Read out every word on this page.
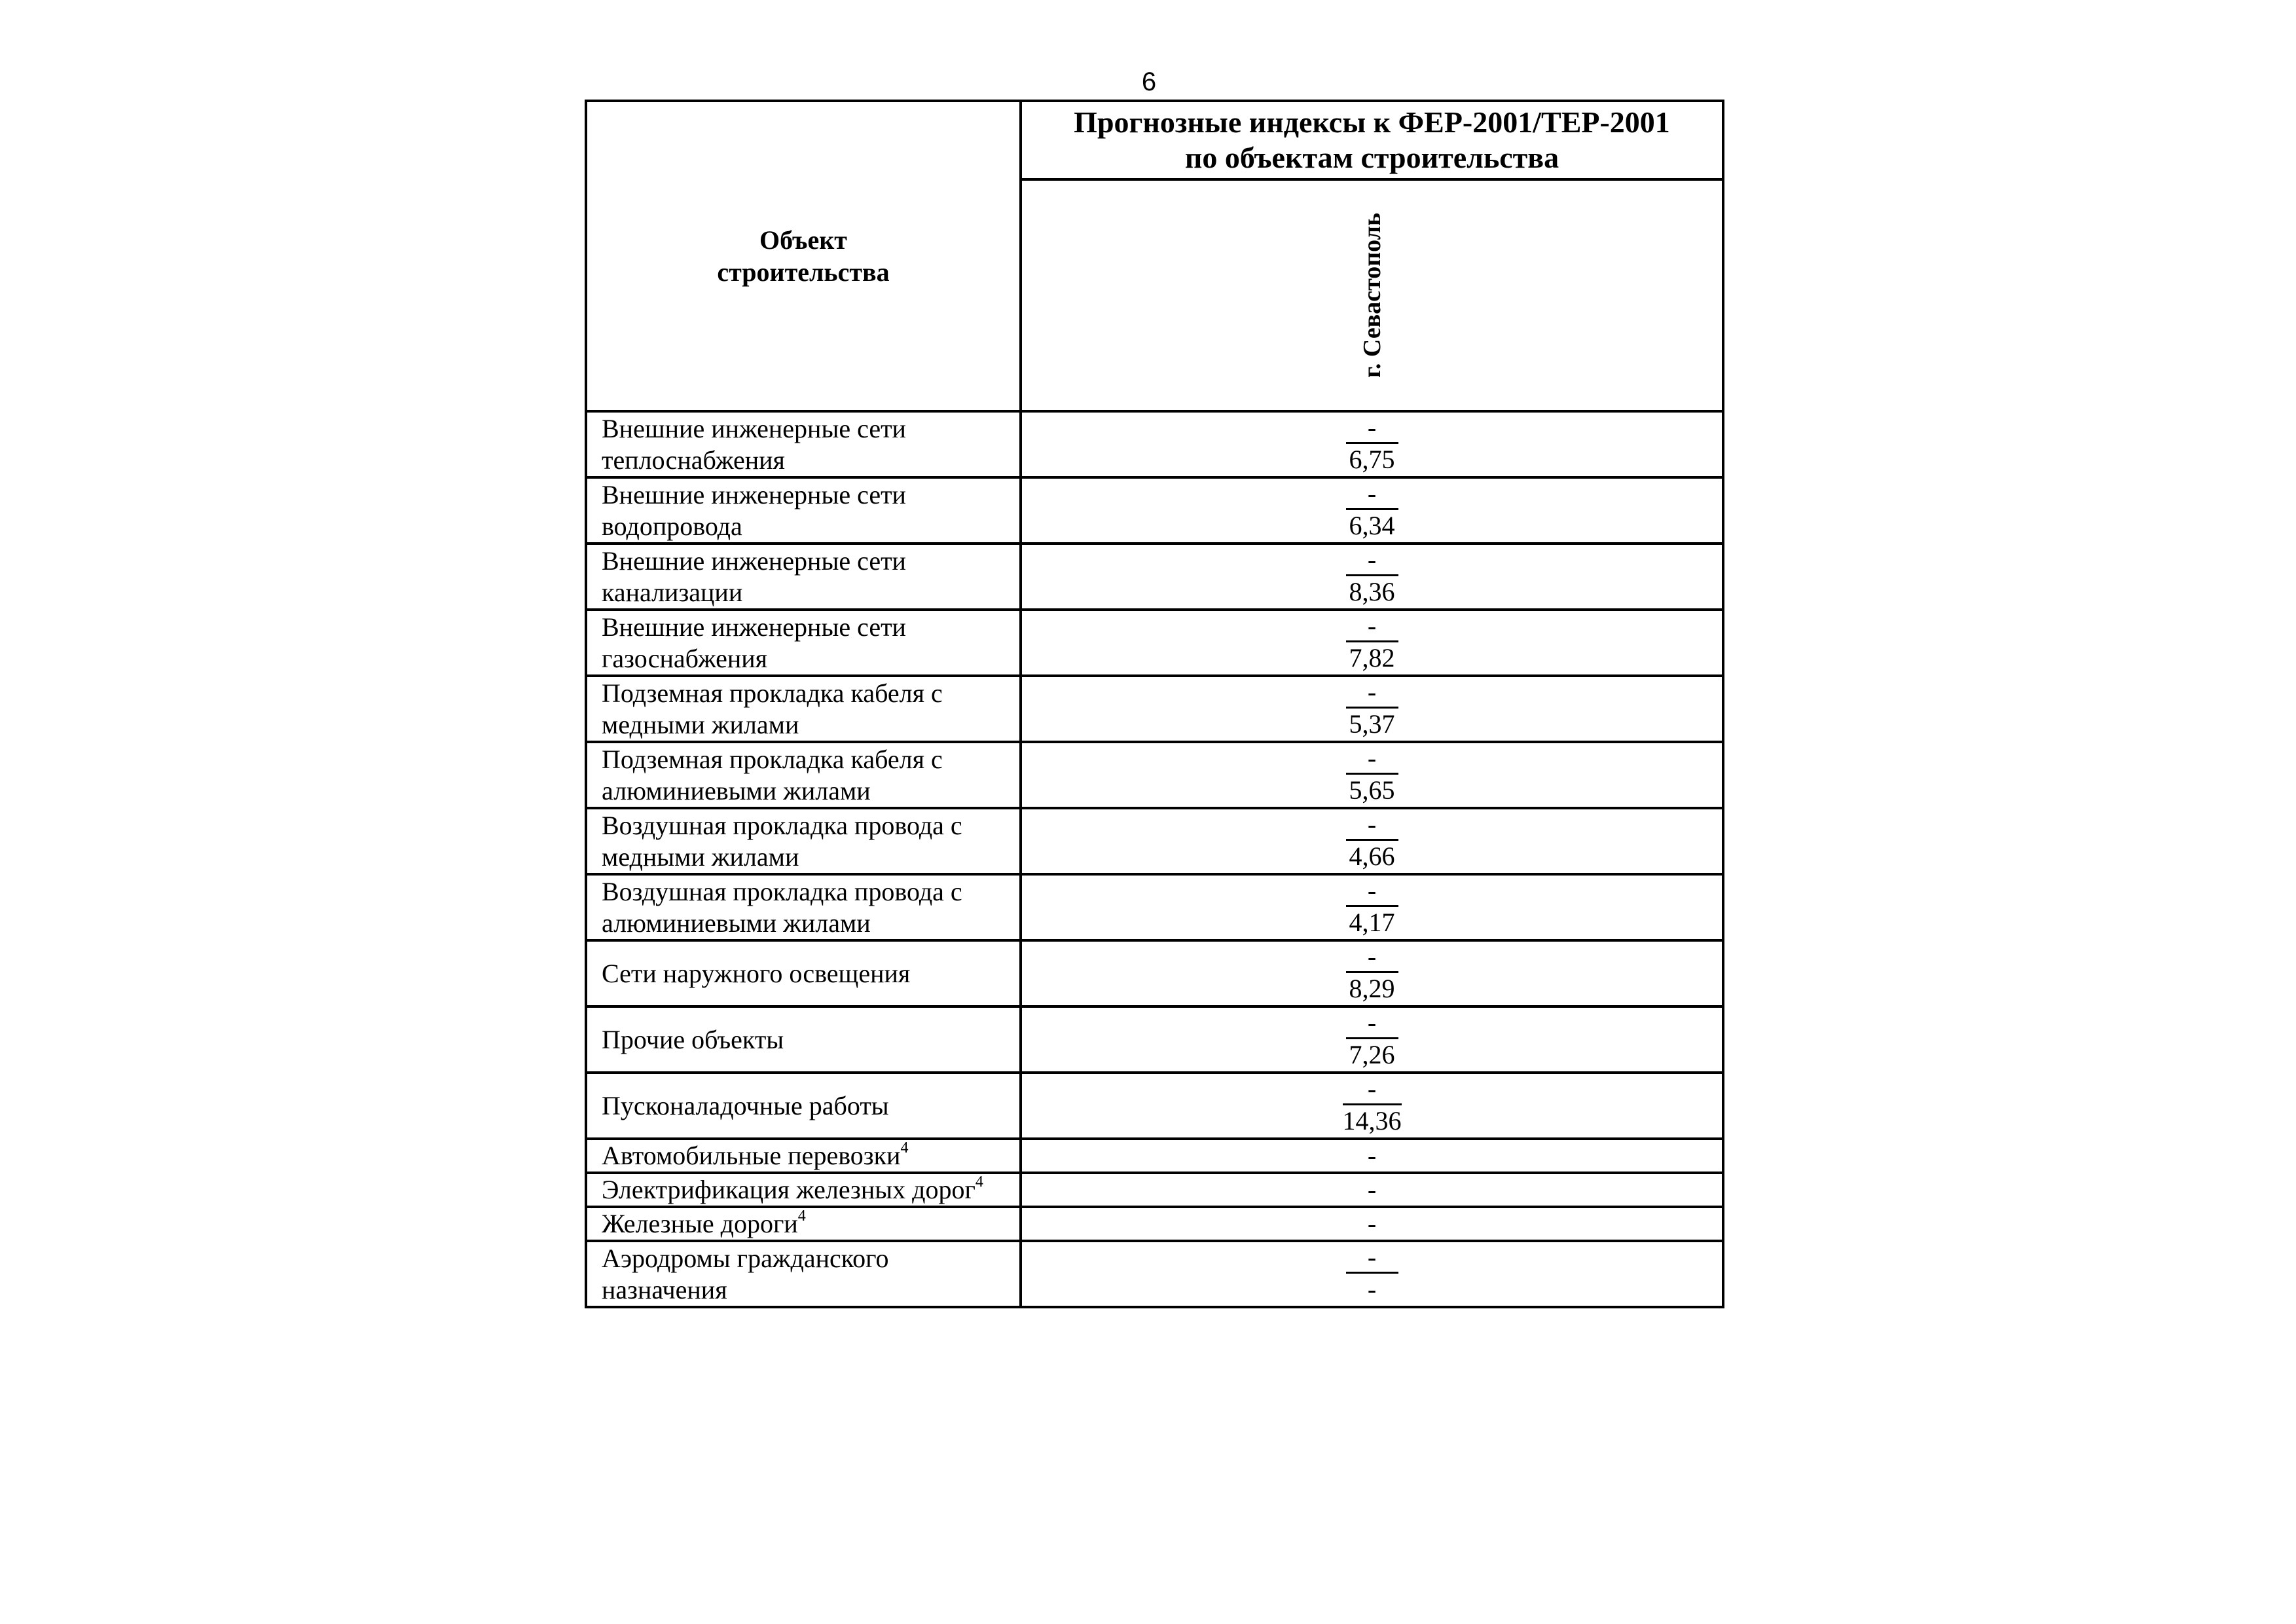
6
Объект
строительства	Прогнозные индексы к ФЕР-2001/ТЕР-2001
по объектам строительства

	г. Севастополь

Внешние инженерные сети
теплоснабжения	$\frac{-}{6,75}$

Внешние инженерные сети
водопровода	$\frac{-}{6,34}$

Внешние инженерные сети
канализации	$\frac{-}{8,36}$

Внешние инженерные сети
газоснабжения	$\frac{-}{7,82}$

Подземная прокладка кабеля с
медными жилами	$\frac{-}{5,37}$

Подземная прокладка кабеля с
алюминиевыми жилами	$\frac{-}{5,65}$

Воздушная прокладка провода с
медными жилами	$\frac{-}{4,66}$

Воздушная прокладка провода с
алюминиевыми жилами	$\frac{-}{4,17}$

Сети наружного освещения	$\frac{-}{8,29}$

Прочие объекты	$\frac{-}{7,26}$

Пусконаладочные работы	$\frac{-}{14,36}$

Автомобильные перевозки$^4$	-
Электрификация железных дорог$^4$	-
Железные дороги$^4$	-

Аэродромы гражданского
назначения	$\frac{-}{-}$
